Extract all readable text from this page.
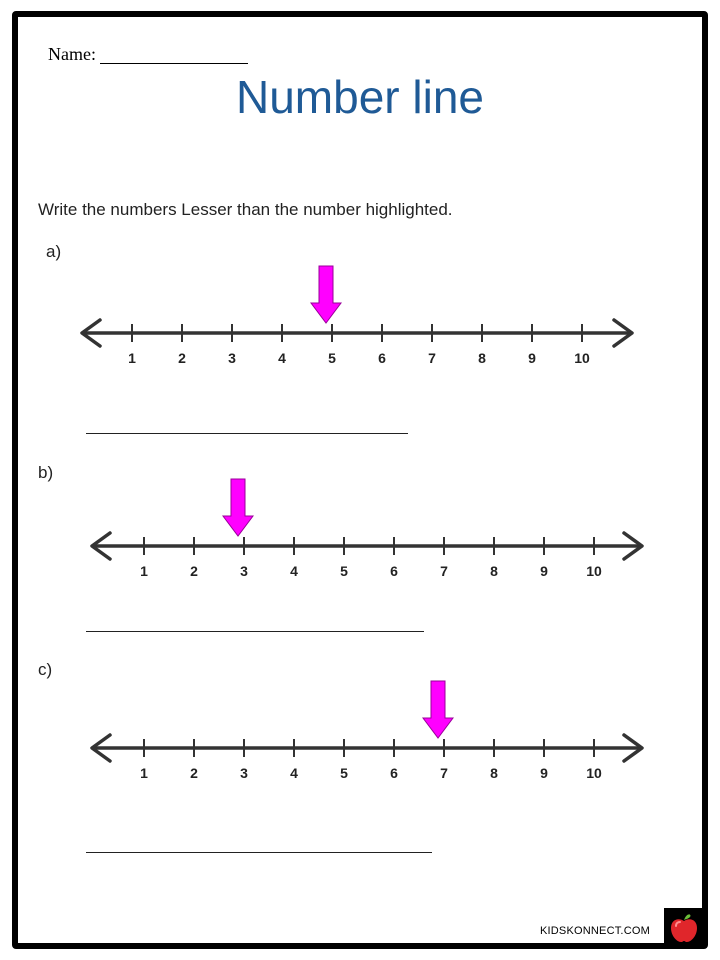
Name:
Number line
Write the numbers Lesser than the number highlighted.
a)
1	2	3	4	5	6	7	8	9	10
b)
1	2	3	4	5	6	7	8	9	10
c)
1	2	3	4	5	6	7	8	9	10
KIDSKONNECT.COM
